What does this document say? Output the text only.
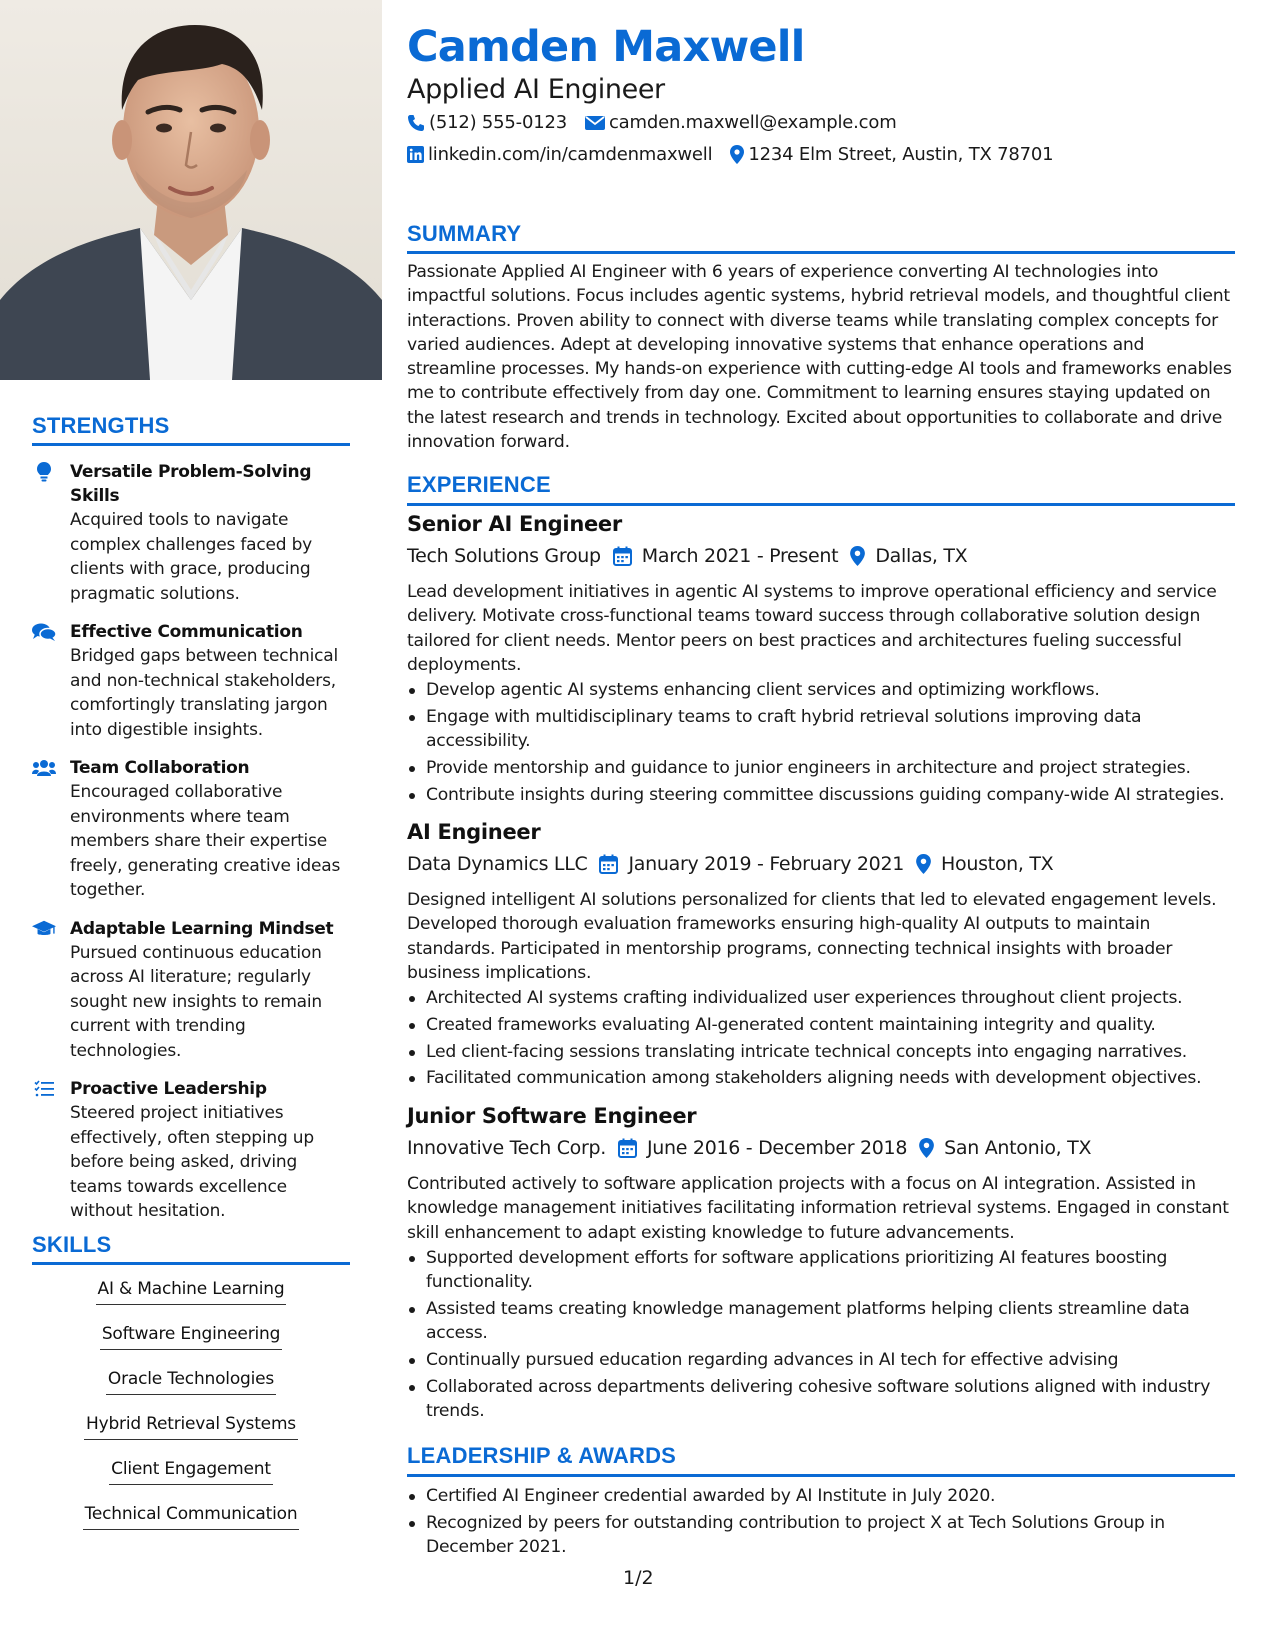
STRENGTHS
Versatile Problem-Solving Skills
Acquired tools to navigate complex challenges faced by clients with grace, producing pragmatic solutions.
Effective Communication
Bridged gaps between technical and non-technical stakeholders, comfortingly translating jargon into digestible insights.
Team Collaboration
Encouraged collaborative environments where team members share their expertise freely, generating creative ideas together.
Adaptable Learning Mindset
Pursued continuous education across AI literature; regularly sought new insights to remain current with trending technologies.
Proactive Leadership
Steered project initiatives effectively, often stepping up before being asked, driving teams towards excellence without hesitation.
SKILLS
AI & Machine Learning
Software Engineering
Oracle Technologies
Hybrid Retrieval Systems
Client Engagement
Technical Communication
Camden Maxwell
Applied AI Engineer
(512) 555-0123 camden.maxwell@example.com
linkedin.com/in/camdenmaxwell 1234 Elm Street, Austin, TX 78701
SUMMARY
Passionate Applied AI Engineer with 6 years of experience converting AI technologies into impactful solutions. Focus includes agentic systems, hybrid retrieval models, and thoughtful client interactions. Proven ability to connect with diverse teams while translating complex concepts for varied audiences. Adept at developing innovative systems that enhance operations and streamline processes. My hands-on experience with cutting-edge AI tools and frameworks enables me to contribute effectively from day one. Commitment to learning ensures staying updated on the latest research and trends in technology. Excited about opportunities to collaborate and drive innovation forward.
EXPERIENCE
Senior AI Engineer
Tech Solutions Group March 2021 - Present Dallas, TX
Lead development initiatives in agentic AI systems to improve operational efficiency and service delivery. Motivate cross-functional teams toward success through collaborative solution design tailored for client needs. Mentor peers on best practices and architectures fueling successful deployments.
Develop agentic AI systems enhancing client services and optimizing workflows.
Engage with multidisciplinary teams to craft hybrid retrieval solutions improving data accessibility.
Provide mentorship and guidance to junior engineers in architecture and project strategies.
Contribute insights during steering committee discussions guiding company-wide AI strategies.
AI Engineer
Data Dynamics LLC January 2019 - February 2021 Houston, TX
Designed intelligent AI solutions personalized for clients that led to elevated engagement levels. Developed thorough evaluation frameworks ensuring high-quality AI outputs to maintain standards. Participated in mentorship programs, connecting technical insights with broader business implications.
Architected AI systems crafting individualized user experiences throughout client projects.
Created frameworks evaluating AI-generated content maintaining integrity and quality.
Led client-facing sessions translating intricate technical concepts into engaging narratives.
Facilitated communication among stakeholders aligning needs with development objectives.
Junior Software Engineer
Innovative Tech Corp. June 2016 - December 2018 San Antonio, TX
Contributed actively to software application projects with a focus on AI integration. Assisted in knowledge management initiatives facilitating information retrieval systems. Engaged in constant skill enhancement to adapt existing knowledge to future advancements.
Supported development efforts for software applications prioritizing AI features boosting functionality.
Assisted teams creating knowledge management platforms helping clients streamline data access.
Continually pursued education regarding advances in AI tech for effective advising
Collaborated across departments delivering cohesive software solutions aligned with industry trends.
LEADERSHIP & AWARDS
Certified AI Engineer credential awarded by AI Institute in July 2020.
Recognized by peers for outstanding contribution to project X at Tech Solutions Group in December 2021.
1/2
